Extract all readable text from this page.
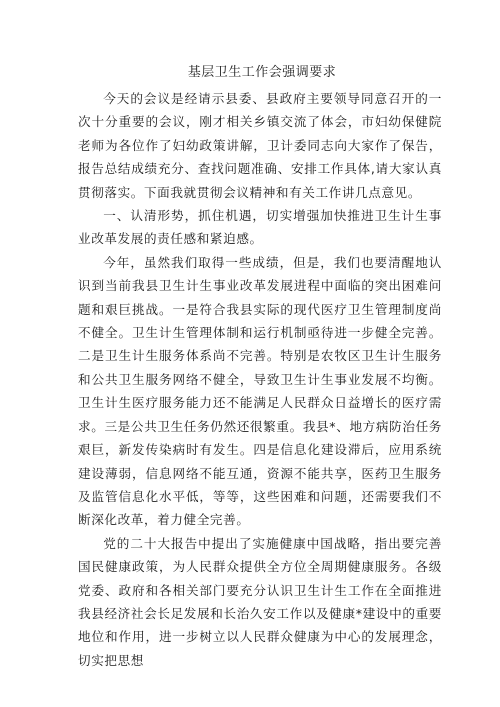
基层卫生工作会强调要求

今天的会议是经请示县委、县政府主要领导同意召开的一次十分重要的会议，刚才相关乡镇交流了体会，市妇幼保健院老师为各位作了妇幼政策讲解，卫计委同志向大家作了保告，报告总结成绩充分、查找问题准确、安排工作具体,请大家认真贯彻落实。下面我就贯彻会议精神和有关工作讲几点意见。

一、认清形势，抓住机遇，切实增强加快推进卫生计生事业改革发展的责任感和紧迫感。

今年，虽然我们取得一些成绩，但是，我们也要清醒地认识到当前我县卫生计生事业改革发展进程中面临的突出困难问题和艰巨挑战。一是符合我县实际的现代医疗卫生管理制度尚不健全。卫生计生管理体制和运行机制亟待进一步健全完善。二是卫生计生服务体系尚不完善。特别是农牧区卫生计生服务和公共卫生服务网络不健全，导致卫生计生事业发展不均衡。卫生计生医疗服务能力还不能满足人民群众日益增长的医疗需求。三是公共卫生任务仍然还很繁重。我县*、地方病防治任务艰巨，新发传染病时有发生。四是信息化建设滞后，应用系统建设薄弱，信息网络不能互通，资源不能共享，医药卫生服务及监管信息化水平低，等等，这些困难和问题，还需要我们不断深化改革，着力健全完善。

党的二十大报告中提出了实施健康中国战略，指出要完善国民健康政策，为人民群众提供全方位全周期健康服务。各级党委、政府和各相关部门要充分认识卫生计生工作在全面推进我县经济社会长足发展和长治久安工作以及健康*建设中的重要地位和作用，进一步树立以人民群众健康为中心的发展理念，切实把思想
